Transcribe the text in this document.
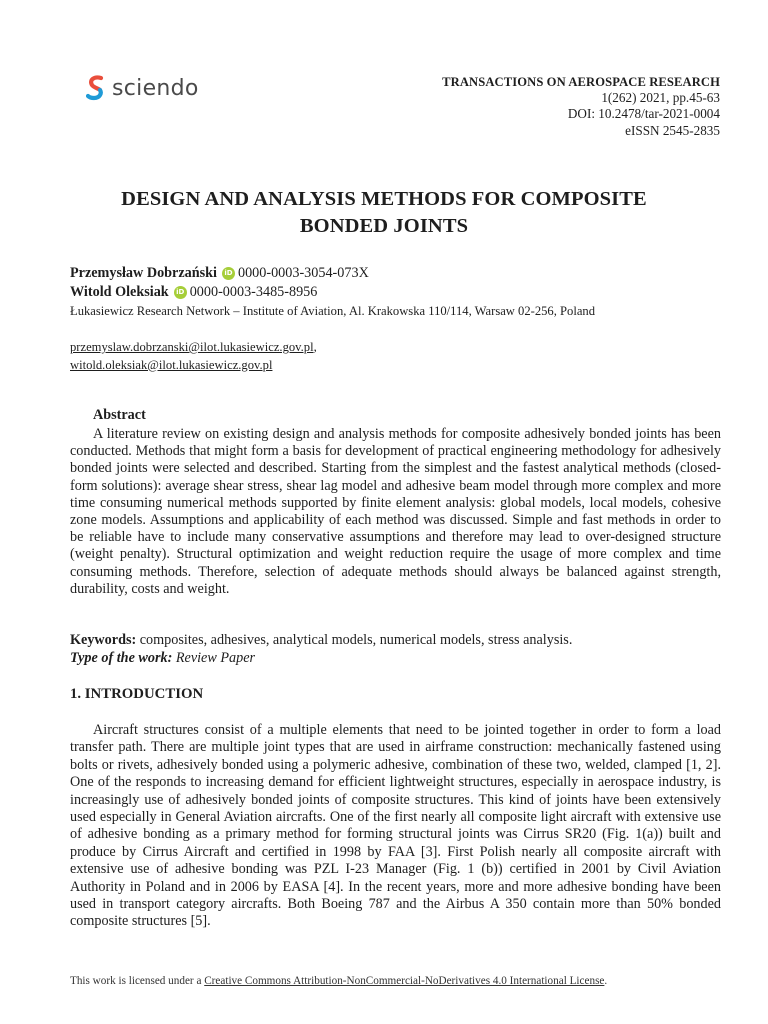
sciendo	TRANSACTIONS ON AEROSPACE RESEARCH
1(262) 2021, pp.45-63
DOI: 10.2478/tar-2021-0004
eISSN 2545-2835
DESIGN AND ANALYSIS METHODS FOR COMPOSITE
BONDED JOINTS
Przemysław Dobrzański	iD 0000-0003-3054-073X
Witold Oleksiak	iD 0000-0003-3485-8956
Łukasiewicz Research Network – Institute of Aviation, Al. Krakowska 110/114, Warsaw 02-256, Poland
przemyslaw.dobrzanski@ilot.lukasiewicz.gov.pl,
witold.oleksiak@ilot.lukasiewicz.gov.pl
Abstract

A literature review on existing design and analysis methods for composite adhesively bonded joints has been conducted. Methods that might form a basis for development of practical engineering methodology for adhesively bonded joints were selected and described. Starting from the simplest and the fastest analytical methods (closed-form solutions): average shear stress, shear lag model and adhesive beam model through more complex and more time consuming numerical methods supported by finite element analysis: global models, local models, cohesive zone models. Assumptions and applicability of each method was discussed. Simple and fast methods in order to be reliable have to include many conservative assumptions and therefore may lead to over-designed structure (weight penalty). Structural optimization and weight reduction require the usage of more complex and time consuming methods. Therefore, selection of adequate methods should always be balanced against strength, durability, costs and weight.

Keywords: composites, adhesives, analytical models, numerical models, stress analysis.
Type of the work: Review Paper
1. INTRODUCTION

Aircraft structures consist of a multiple elements that need to be jointed together in order to form a load transfer path. There are multiple joint types that are used in airframe construction: mechanically fastened using bolts or rivets, adhesively bonded using a polymeric adhesive, combination of these two, welded, clamped [1, 2]. One of the responds to increasing demand for efficient lightweight structures, especially in aerospace industry, is increasingly use of adhesively bonded joints of composite structures. This kind of joints have been extensively used especially in General Aviation aircrafts. One of the first nearly all composite light aircraft with extensive use of adhesive bonding as a primary method for forming structural joints was Cirrus SR20 (Fig. 1(a)) built and produce by Cirrus Aircraft and certified in 1998 by FAA [3]. First Polish nearly all composite aircraft with extensive use of adhesive bonding was PZL I-23 Manager (Fig. 1 (b)) certified in 2001 by Civil Aviation Authority in Poland and in 2006 by EASA [4]. In the recent years, more and more adhesive bonding have been used in transport category aircrafts. Both Boeing 787 and the Airbus A 350 contain more than 50% bonded composite structures [5].

This work is licensed under a Creative Commons Attribution-NonCommercial-NoDerivatives 4.0 International License.
